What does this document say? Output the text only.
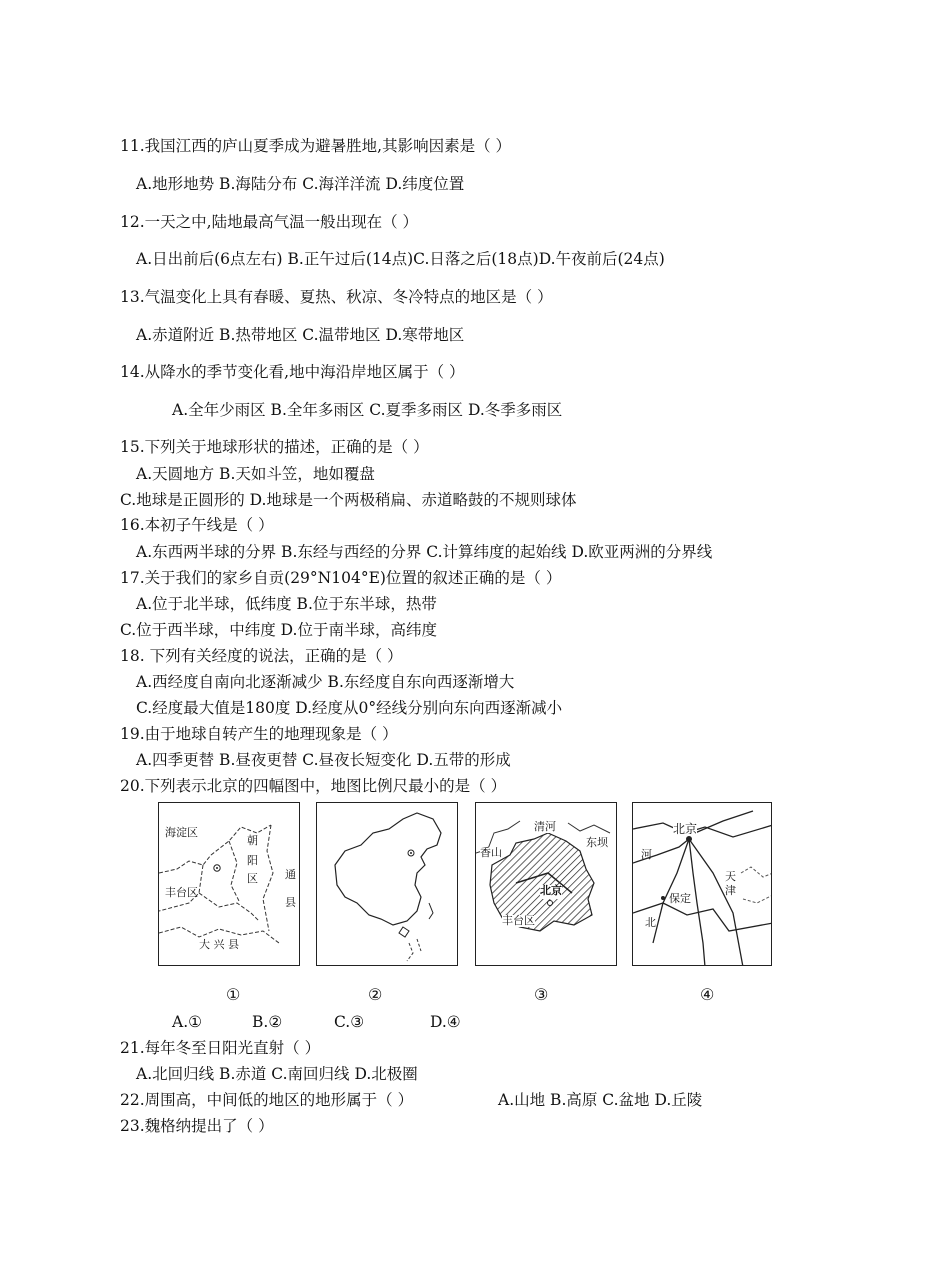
11.我国江西的庐山夏季成为避暑胜地,其影响因素是（ ）
A.地形地势 B.海陆分布 C.海洋洋流 D.纬度位置
12.一天之中,陆地最高气温一般出现在（ ）
A.日出前后(6点左右) B.正午过后(14点)C.日落之后(18点)D.午夜前后(24点)
13.气温变化上具有春暖、夏热、秋凉、冬冷特点的地区是（ ）
A.赤道附近 B.热带地区 C.温带地区 D.寒带地区
14.从降水的季节变化看,地中海沿岸地区属于（ ）
A.全年少雨区 B.全年多雨区 C.夏季多雨区 D.冬季多雨区
15.下列关于地球形状的描述，正确的是（ ）
A.天圆地方 B.天如斗笠，地如覆盘
C.地球是正圆形的 D.地球是一个两极稍扁、赤道略鼓的不规则球体
16.本初子午线是（ ）
A.东西两半球的分界 B.东经与西经的分界 C.计算纬度的起始线 D.欧亚两洲的分界线
17.关于我们的家乡自贡(29°N104°E)位置的叙述正确的是（ ）
A.位于北半球，低纬度 B.位于东半球，热带
C.位于西半球，中纬度 D.位于南半球，高纬度
18. 下列有关经度的说法，正确的是（ ）
A.西经度自南向北逐渐减少 B.东经度自东向西逐渐增大
C.经度最大值是180度 D.经度从0°经线分别向东向西逐渐减小
19.由于地球自转产生的地理现象是（ ）
A.四季更替 B.昼夜更替 C.昼夜长短变化 D.五带的形成
20.下列表示北京的四幅图中，地图比例尺最小的是（ ）
海淀区
朝
阳
区 通
县
丰台区
大 兴 县
清河
东坝
香山
北京
丰台区
北京
河
天
津
保定
北
①	②	③	④
A.①	B.②	C.③	D.④
21.每年冬至日阳光直射（ ）
A.北回归线 B.赤道 C.南回归线 D.北极圈
22.周围高，中间低的地区的地形属于（ ）	A.山地 B.高原 C.盆地 D.丘陵
23.魏格纳提出了（ ）
